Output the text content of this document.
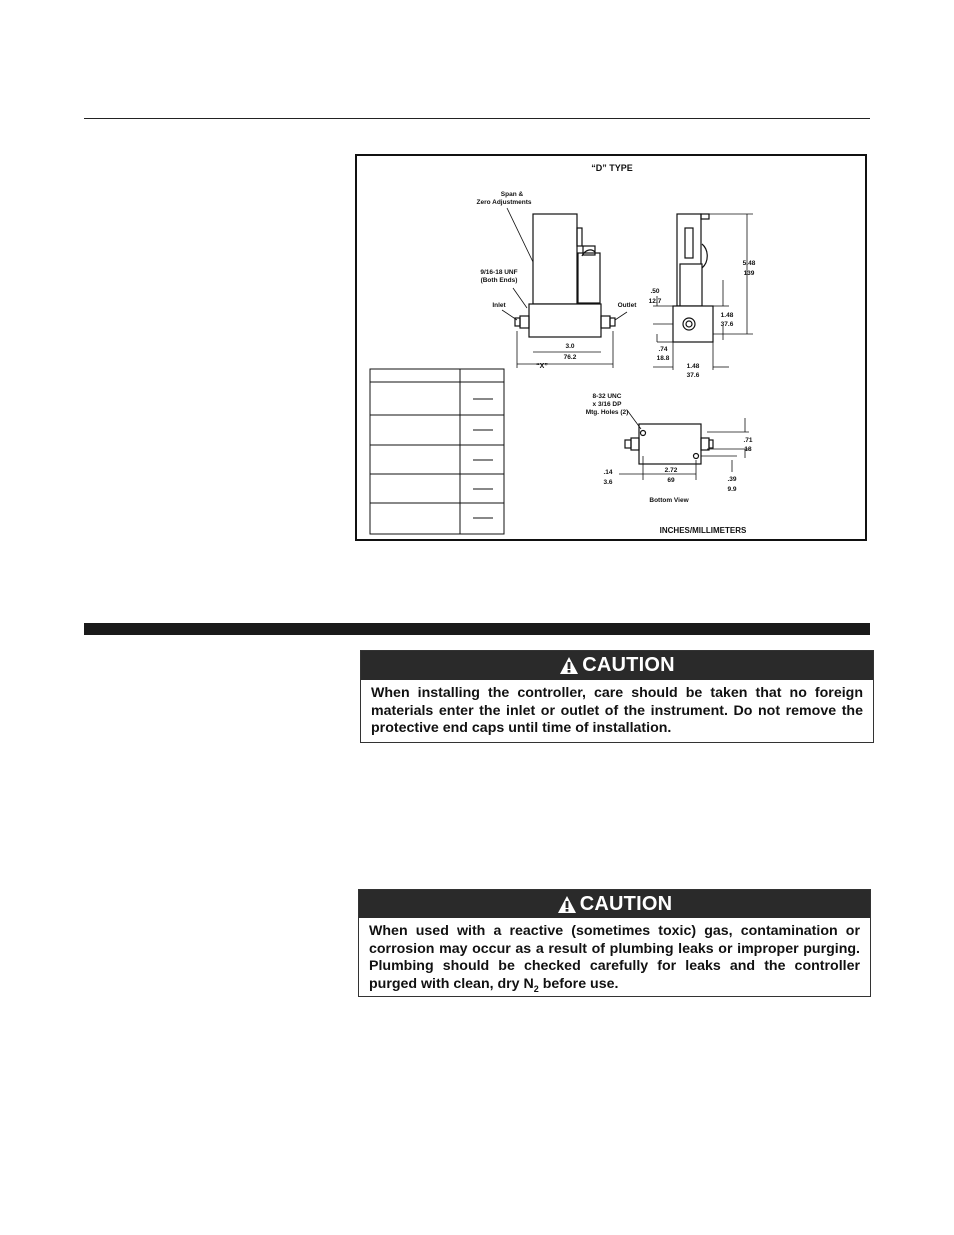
“D” TYPE
Span &
Zero Adjustments
9/16-18 UNF
(Both Ends)
Inlet	Outlet
3.0
76.2
“X”
5.48
139
.50
12.7
1.48
37.6
.74
18.8
1.48
37.6
8-32 UNC
x 3/16 DP
Mtg. Holes (2)
.71
18
.14
3.6
2.72
69	.39
9.9
Bottom View
INCHES/MILLIMETERS
CAUTION
When installing the controller, care should be taken that no foreign materials enter the inlet or outlet of the instrument. Do not remove the protective end caps until time of installation.
CAUTION
When used with a reactive (sometimes toxic) gas, contamination or corrosion may occur as a result of plumbing leaks or improper purging. Plumbing should be checked carefully for leaks and the controller purged with clean, dry $N_2$ before use.
